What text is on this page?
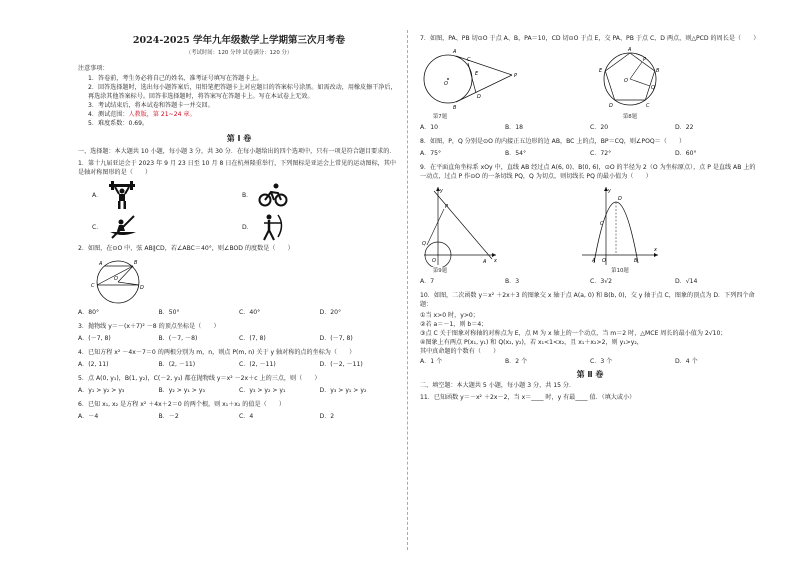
2024-2025 学年九年级数学上学期第三次月考卷
（考试时间：120 分钟 试卷满分：120 分）
注意事项：
1．答卷前，考生务必将自己的姓名、准考证号填写在答题卡上。
2．回答选择题时，选出每小题答案后，用铅笔把答题卡上对应题目的答案标号涂黑。如需改动，用橡皮擦干净后，再选涂其他答案标号。回答非选择题时，将答案写在答题卡上。写在本试卷上无效。
3．考试结束后，将本试卷和答题卡一并交回。
4．测试范围：人教版，第 21~24 章。
5．难度系数：0.69。
第 Ⅰ 卷
一、选择题：本大题共 10 小题，每小题 3 分，共 30 分．在每小题给出的四个选项中，只有一项是符合题目要求的．
1．第十九届亚运会于 2023 年 9 月 23 日至 10 月 8 日在杭州隆重举行，下列图标是亚运会上常见的运动图标，其中是轴对称图形的是（　　）
A．	B．
C．	D．
2．如图，在⊙O 中，弦 AB∥CD，若∠ABC＝40°，则∠BOD 的度数是（　　）
A	B
C	D
O
A．80°	B．50°	C．40°	D．20°
3．抛物线 y＝－(x＋7)² －8 的顶点坐标是（　　）
A．(－7, 8)	B．(－7, －8)	C．(7, 8)	D．(－7, 8)
4．已知方程 x² －4x－7＝0 的两根分别为 m，n，则点 P(m, n) 关于 y 轴对称的点的坐标为（　　）
A．(2, 11)	B．(2, －11)	C．(2, －11)	D．(－2, －11)
5．点 A(0, y₁)，B(1, y₂)，C(－2, y₃) 都在抛物线 y＝x² －2x＋c 上的三点，则（　　）
A．y₁ > y₂ > y₃	B．y₂ > y₁ > y₃	C．y₃ > y₂ > y₁	D．y₃ > y₁ > y₂
6．已知 x₁, x₂ 是方程 x² ＋4x＋2＝0 的两个根，则 x₁＋x₂ 的值是（　　）
A．－4	B．－2	C．4	D．2
7．如图，PA、PB 切⊙O 于点 A、B，PA＝10，CD 切⊙O 于点 E，交 PA、PB 于点 C、D 两点，则△PCD 的周长是（　　）
A
C
O
E	P
D
B
第7题
A
E	B
D	C
P
O
Q
第8题
A．10	B．18	C．20	D．22
8．如图，P，Q 分别是⊙O 的内接正五边形的边 AB，BC 上的点，BP＝CQ，则∠POQ＝（　　）
A．75°	B．54°	C．72°	D．60°
9．在平面直角坐标系 xOy 中，直线 AB 经过点 A(6, 0)、B(0, 6)，⊙O 的半径为 2（O 为坐标原点），点 P 是直线 AB 上的一动点，过点 P 作⊙O 的一条切线 PQ，Q 为切点，则切线长 PQ 的最小值为（　　）
y
P
Q
O	A x
第9题
y
D
C
A O	B
x
第10题
A．7	B．3	C．3√2	D．√14
10．如图，二次函数 y＝x² ＋2x＋3 的图象交 x 轴于点 A(a, 0) 和 B(b, 0)，交 y 轴于点 C，图象的顶点为 D．下列四个命题：
①当 x>0 时，y>0；
②若 a＝－1，则 b＝4；
③点 C 关于图象对称轴的对称点为 E，点 M 为 x 轴上的一个动点，当 m＝2 时，△MCE 周长的最小值为 2√10；
④图象上有两点 P(x₁, y₁) 和 Q(x₂, y₂)，若 x₁<1<x₂，且 x₁＋x₂>2，则 y₁>y₂，
其中真命题的个数有（　　）
A．1 个	B．2 个	C．3 个	D．4 个
第 Ⅱ 卷
二、填空题：本大题共 5 小题，每小题 3 分，共 15 分．
11．已知函数 y＝－x² ＋2x－2，当 x＝____ 时，y 有最____ 值．（填大或小）
